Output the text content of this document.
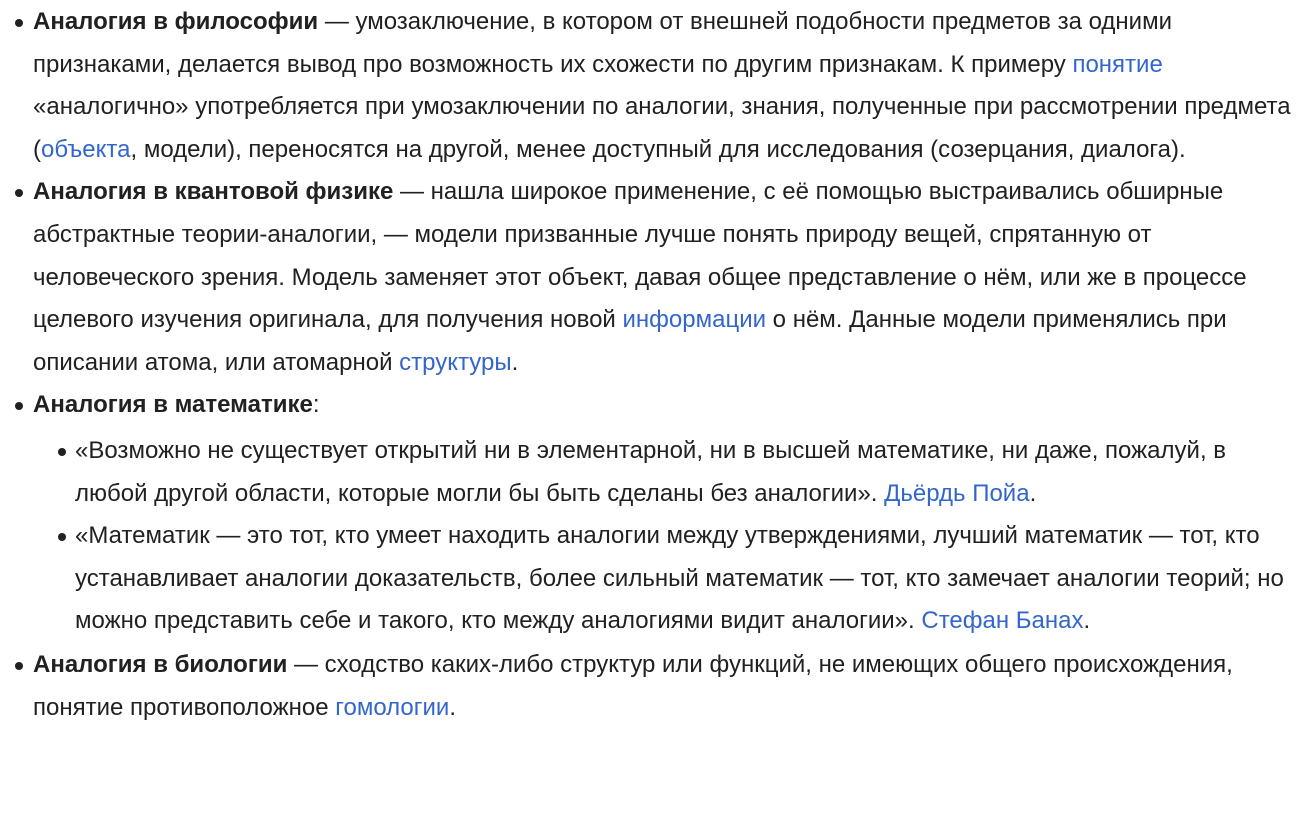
Аналогия в философии — умозаключение, в котором от внешней подобности предметов за одними признаками, делается вывод про возможность их схожести по другим признакам. К примеру понятие «аналогично» употребляется при умозаключении по аналогии, знания, полученные при рассмотрении предмета (объекта, модели), переносятся на другой, менее доступный для исследования (созерцания, диалога).
Аналогия в квантовой физике — нашла широкое применение, с её помощью выстраивались обширные абстрактные теории-аналогии, — модели призванные лучше понять природу вещей, спрятанную от человеческого зрения. Модель заменяет этот объект, давая общее представление о нём, или же в процессе целевого изучения оригинала, для получения новой информации о нём. Данные модели применялись при описании атома, или атомарной структуры.
Аналогия в математике:
«Возможно не существует открытий ни в элементарной, ни в высшей математике, ни даже, пожалуй, в любой другой области, которые могли бы быть сделаны без аналогии». Дьёрдь Пойа.
«Математик — это тот, кто умеет находить аналогии между утверждениями, лучший математик — тот, кто устанавливает аналогии доказательств, более сильный математик — тот, кто замечает аналогии теорий; но можно представить себе и такого, кто между аналогиями видит аналогии». Стефан Банах.
Аналогия в биологии — сходство каких-либо структур или функций, не имеющих общего происхождения, понятие противоположное гомологии.
